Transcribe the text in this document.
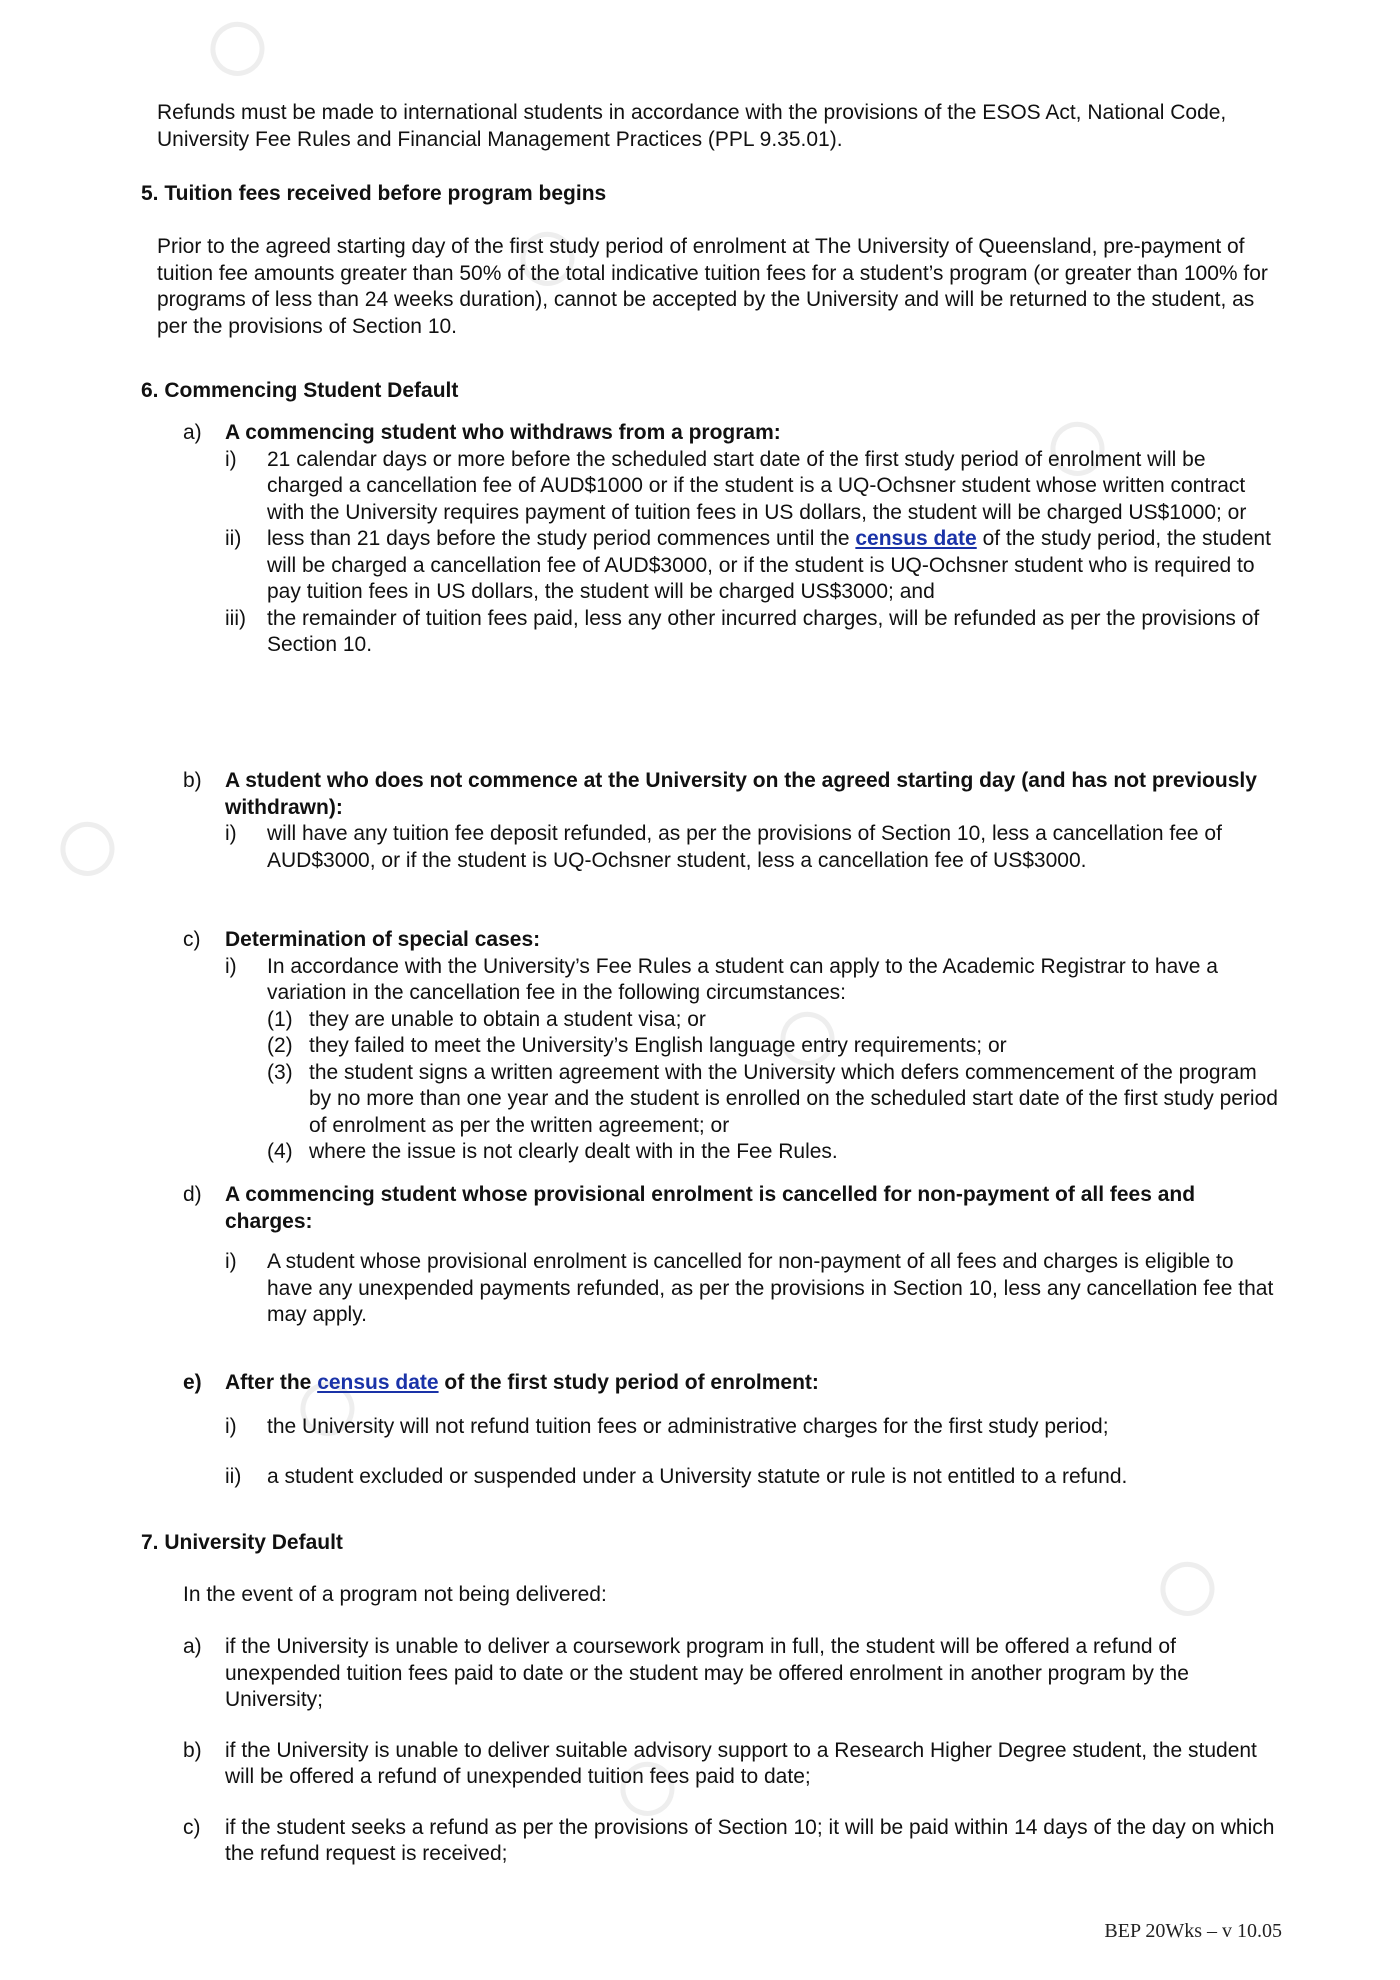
Refunds must be made to international students in accordance with the provisions of the ESOS Act, National Code, University Fee Rules and Financial Management Practices (PPL 9.35.01).

5. Tuition fees received before program begins

Prior to the agreed starting day of the first study period of enrolment at The University of Queensland, pre-payment of tuition fee amounts greater than 50% of the total indicative tuition fees for a student’s program (or greater than 100% for programs of less than 24 weeks duration), cannot be accepted by the University and will be returned to the student, as per the provisions of Section 10.

6. Commencing Student Default
a) A commencing student who withdraws from a program:
i) 21 calendar days or more before the scheduled start date of the first study period of enrolment will be charged a cancellation fee of AUD$1000 or if the student is a UQ-Ochsner student whose written contract with the University requires payment of tuition fees in US dollars, the student will be charged US$1000; or
ii) less than 21 days before the study period commences until the census date of the study period, the student will be charged a cancellation fee of AUD$3000, or if the student is UQ-Ochsner student who is required to pay tuition fees in US dollars, the student will be charged US$3000; and
iii) the remainder of tuition fees paid, less any other incurred charges, will be refunded as per the provisions of Section 10.
b) A student who does not commence at the University on the agreed starting day (and has not previously withdrawn):
i) will have any tuition fee deposit refunded, as per the provisions of Section 10, less a cancellation fee of AUD$3000, or if the student is UQ-Ochsner student, less a cancellation fee of US$3000.
c) Determination of special cases:
i) In accordance with the University’s Fee Rules a student can apply to the Academic Registrar to have a variation in the cancellation fee in the following circumstances:
(1) they are unable to obtain a student visa; or
(2) they failed to meet the University’s English language entry requirements; or
(3) the student signs a written agreement with the University which defers commencement of the program by no more than one year and the student is enrolled on the scheduled start date of the first study period of enrolment as per the written agreement; or
(4) where the issue is not clearly dealt with in the Fee Rules.
d) A commencing student whose provisional enrolment is cancelled for non-payment of all fees and charges:
i) A student whose provisional enrolment is cancelled for non-payment of all fees and charges is eligible to have any unexpended payments refunded, as per the provisions in Section 10, less any cancellation fee that may apply.
e) After the census date of the first study period of enrolment:
i) the University will not refund tuition fees or administrative charges for the first study period;
ii) a student excluded or suspended under a University statute or rule is not entitled to a refund.
7. University Default
In the event of a program not being delivered:
a) if the University is unable to deliver a coursework program in full, the student will be offered a refund of unexpended tuition fees paid to date or the student may be offered enrolment in another program by the University;
b) if the University is unable to deliver suitable advisory support to a Research Higher Degree student, the student will be offered a refund of unexpended tuition fees paid to date;
c) if the student seeks a refund as per the provisions of Section 10; it will be paid within 14 days of the day on which the refund request is received;
BEP 20Wks – v 10.05
